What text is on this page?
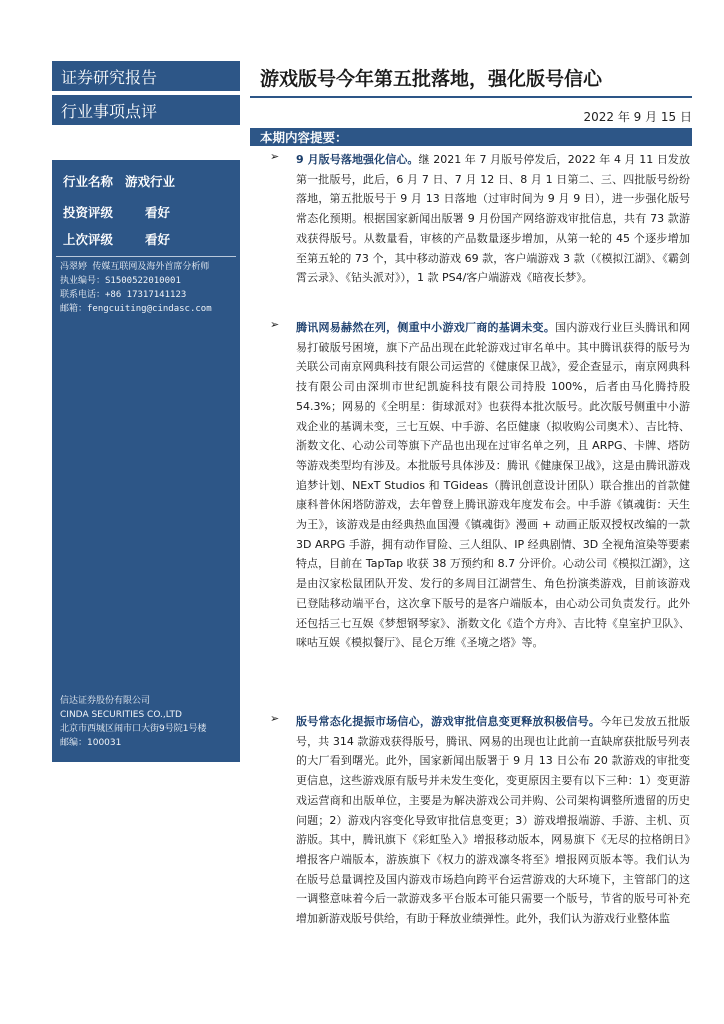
证券研究报告
行业事项点评
游戏版号今年第五批落地，强化版号信心
2022 年 9 月 15 日
本期内容提要：
行业名称 游戏行业
投资评级	看好
上次评级	看好
冯翠婷 传媒互联网及海外首席分析师
执业编号：S1500522010001
联系电话：+86 17317141123
邮箱：fengcuiting@cindasc.com
信达证券股份有限公司
CINDA SECURITIES CO.,LTD
北京市西城区闹市口大街9号院1号楼
邮编：100031
➢ 9 月版号落地强化信心。继 2021 年 7 月版号停发后，2022 年 4 月 11 日发放第一批版号，此后，6 月 7 日、7 月 12 日、8 月 1 日第二、三、四批版号纷纷落地，第五批版号于 9 月 13 日落地（过审时间为 9 月 9 日），进一步强化版号常态化预期。根据国家新闻出版署 9 月份国产网络游戏审批信息，共有 73 款游戏获得版号。从数量看，审核的产品数量逐步增加，从第一轮的 45 个逐步增加至第五轮的 73 个，其中移动游戏 69 款，客户端游戏 3 款（《模拟江湖》、《霸剑霄云录》、《钻头派对》），1 款 PS4/客户端游戏《暗夜长梦》。

➢ 腾讯网易赫然在列，侧重中小游戏厂商的基调未变。国内游戏行业巨头腾讯和网易打破版号困境，旗下产品出现在此轮游戏过审名单中。其中腾讯获得的版号为关联公司南京网典科技有限公司运营的《健康保卫战》，爱企查显示，南京网典科技有限公司由深圳市世纪凯旋科技有限公司持股 100%，后者由马化腾持股 54.3%；网易的《全明星：街球派对》也获得本批次版号。此次版号侧重中小游戏企业的基调未变，三七互娱、中手游、名臣健康（拟收购公司奥术）、吉比特、浙数文化、心动公司等旗下产品也出现在过审名单之列，且 ARPG、卡牌、塔防等游戏类型均有涉及。本批版号具体涉及：腾讯《健康保卫战》，这是由腾讯游戏追梦计划、NExT Studios 和 TGideas（腾讯创意设计团队）联合推出的首款健康科普休闲塔防游戏，去年曾登上腾讯游戏年度发布会。中手游《镇魂街：天生为王》，该游戏是由经典热血国漫《镇魂街》漫画 + 动画正版双授权改编的一款 3D ARPG 手游，拥有动作冒险、三人组队、IP 经典剧情、3D 全视角渲染等要素特点，目前在 TapTap 收获 38 万预约和 8.7 分评价。心动公司《模拟江湖》，这是由汉家松鼠团队开发、发行的多周目江湖营生、角色扮演类游戏，目前该游戏已登陆移动端平台，这次拿下版号的是客户端版本，由心动公司负责发行。此外还包括三七互娱《梦想钢琴家》、浙数文化《造个方舟》、吉比特《皇室护卫队》、咪咕互娱《模拟餐厅》、昆仑万维《圣境之塔》等。

➢ 版号常态化提振市场信心，游戏审批信息变更释放积极信号。今年已发放五批版号，共 314 款游戏获得版号，腾讯、网易的出现也让此前一直缺席获批版号列表的大厂看到曙光。此外，国家新闻出版署于 9 月 13 日公布 20 款游戏的审批变更信息，这些游戏原有版号并未发生变化，变更原因主要有以下三种：1）变更游戏运营商和出版单位，主要是为解决游戏公司并购、公司架构调整所遗留的历史问题；2）游戏内容变化导致审批信息变更；3）游戏增报端游、手游、主机、页游版。其中，腾讯旗下《彩虹坠入》增报移动版本，网易旗下《无尽的拉格朗日》增报客户端版本，游族旗下《权力的游戏凛冬将至》增报网页版本等。我们认为在版号总量调控及国内游戏市场趋向跨平台运营游戏的大环境下，主管部门的这一调整意味着今后一款游戏多平台版本可能只需要一个版号，节省的版号可补充增加新游戏版号供给，有助于释放业绩弹性。此外，我们认为游戏行业整体监
